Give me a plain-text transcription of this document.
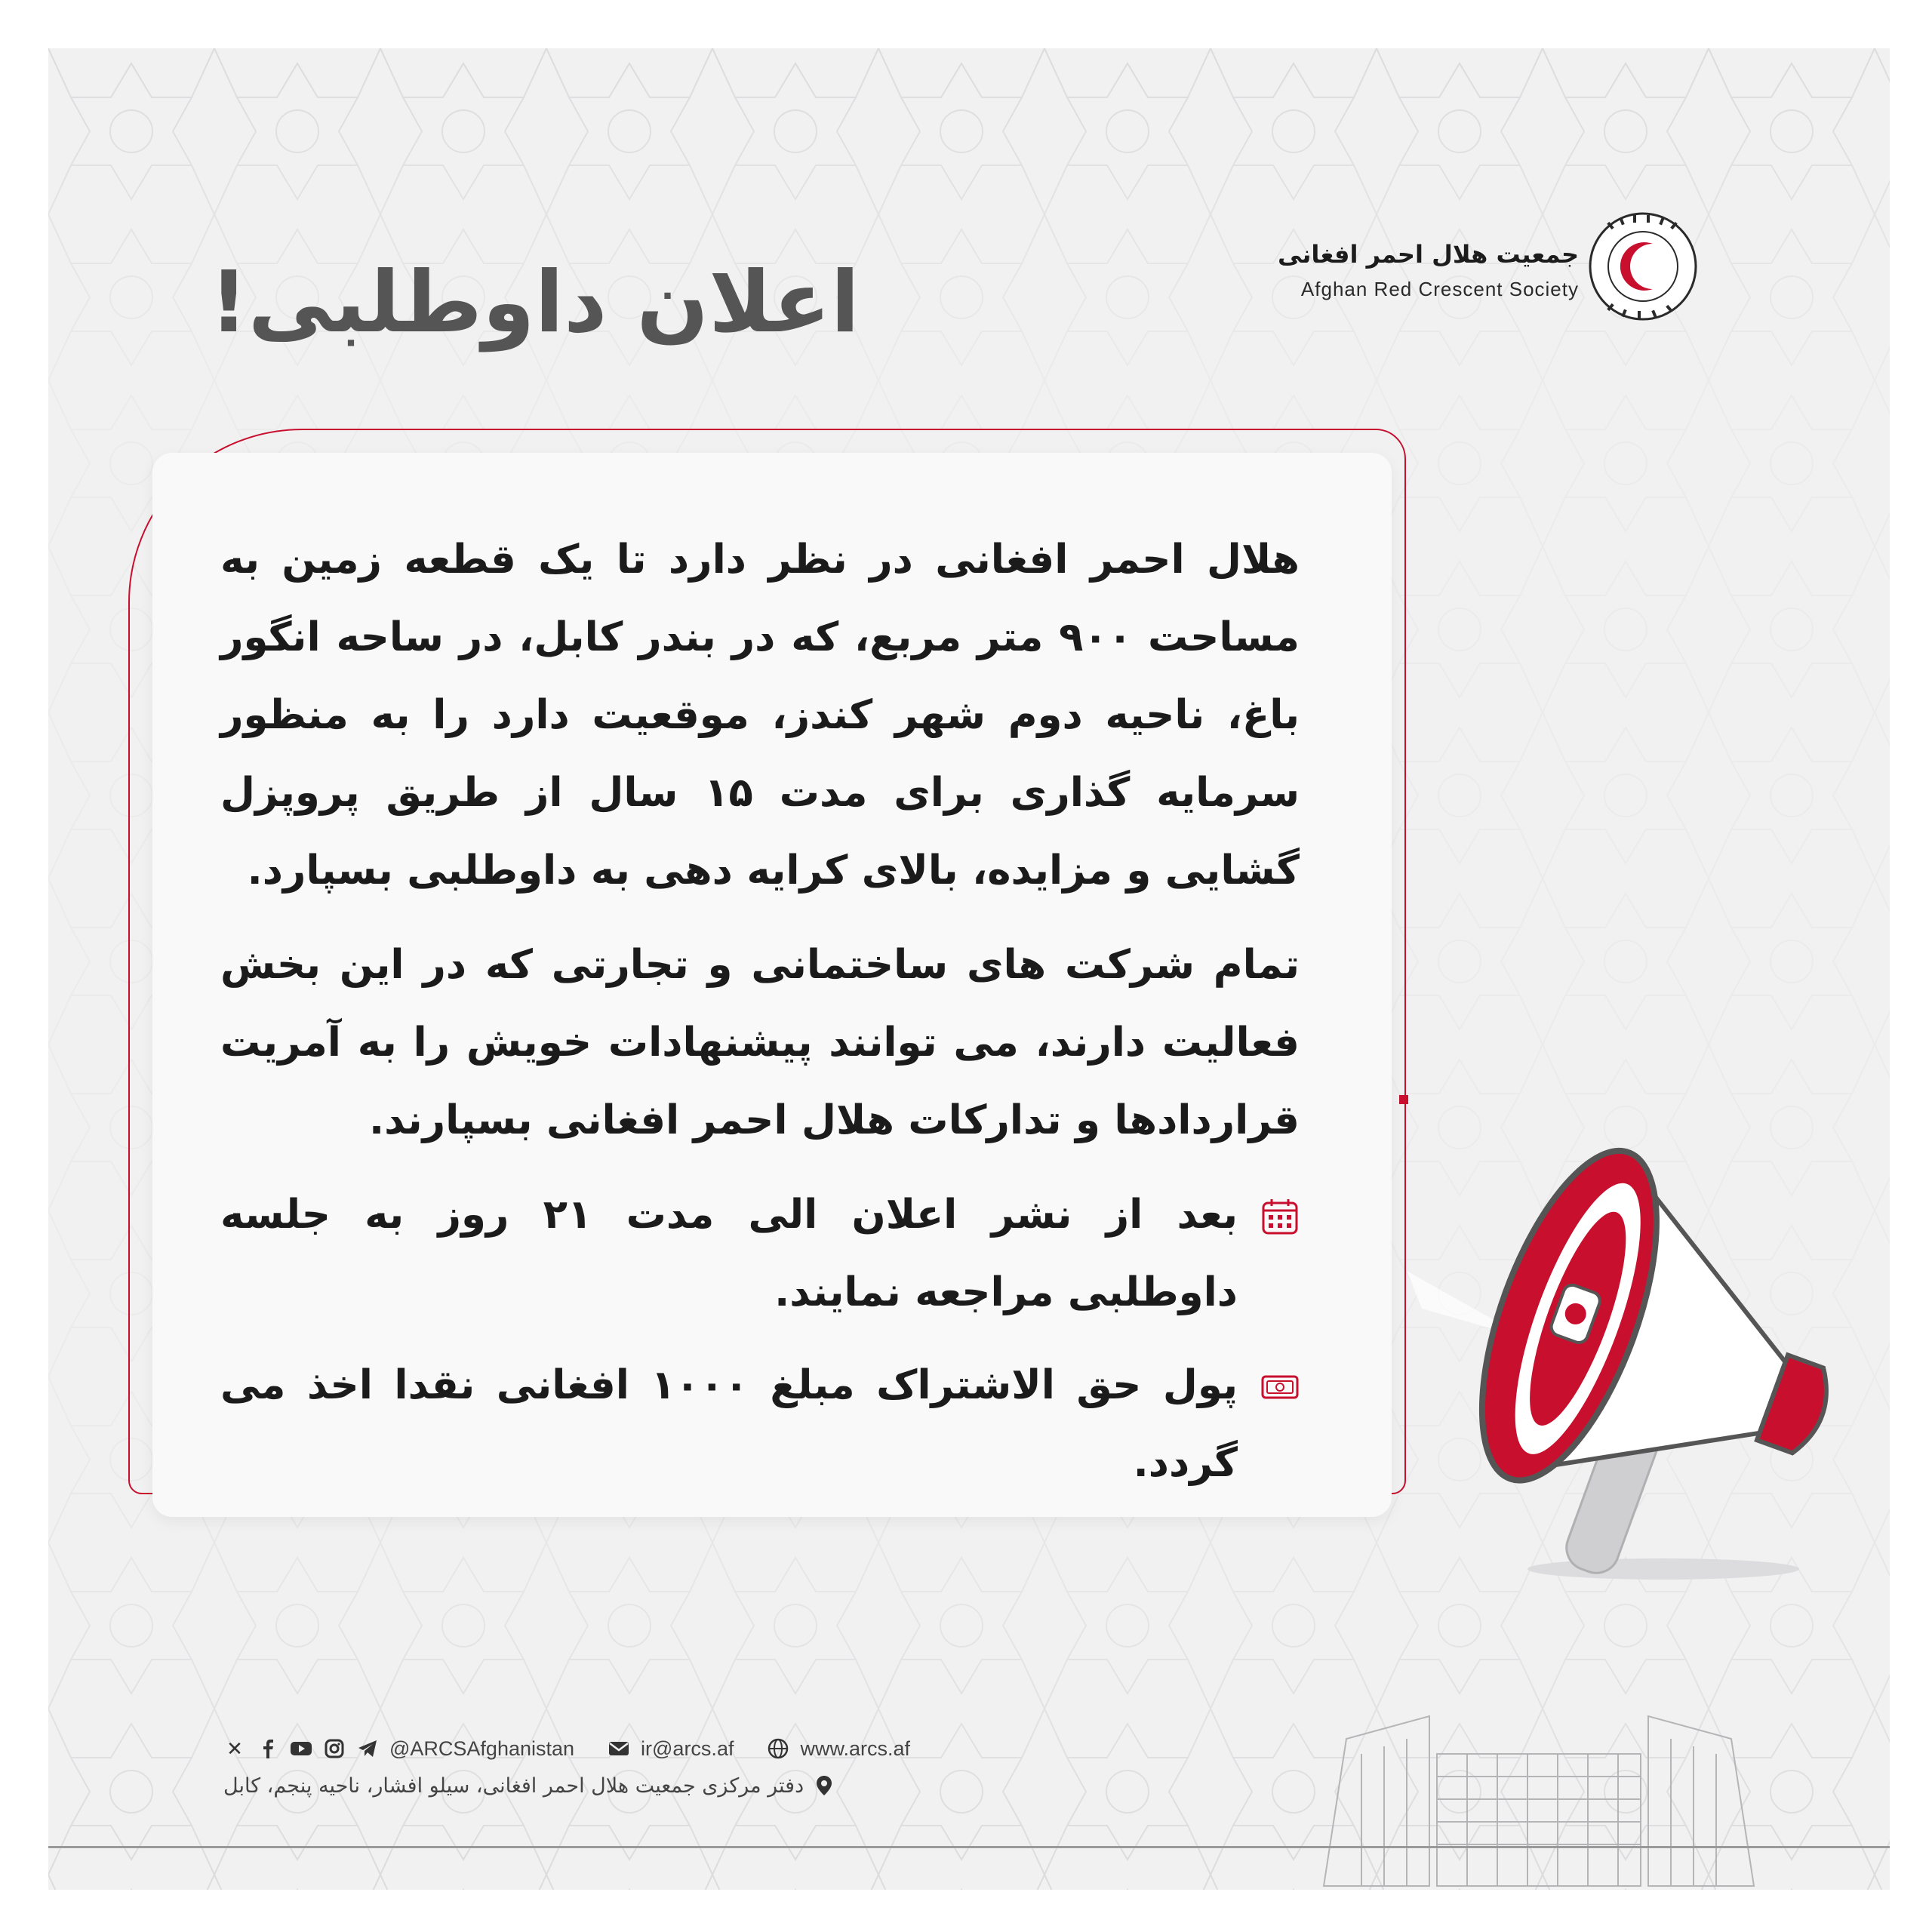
اعلان داوطلبی!	جمعیت هلال احمر افغانی
Afghan Red Crescent Society

هلال احمر افغانی در نظر دارد تا یک قطعه زمین به مساحت ۹۰۰ متر مربع، که در بندر کابل، در ساحه انگور باغ، ناحیه دوم شهر کندز، موقعیت دارد را به منظور سرمایه گذاری برای مدت ۱۵ سال از طریق پروپزل گشایی و مزایده، بالای کرایه دهی به داوطلبی بسپارد.

تمام شرکت های ساختمانی و تجارتی که در این بخش فعالیت دارند، می توانند پیشنهادات خویش را به آمریت قراردادها و تدارکات هلال احمر افغانی بسپارند.

بعد از نشر اعلان الی مدت ۲۱ روز به جلسه داوطلبی مراجعه نمایند.
پول حق الاشتراک مبلغ ۱۰۰۰ افغانی نقدا اخذ می گردد.
✕	@ARCSAfghanistan	ir@arcs.af	www.arcs.af
دفتر مرکزی جمعیت هلال احمر افغانی، سیلو افشار، ناحیه پنجم، کابل
